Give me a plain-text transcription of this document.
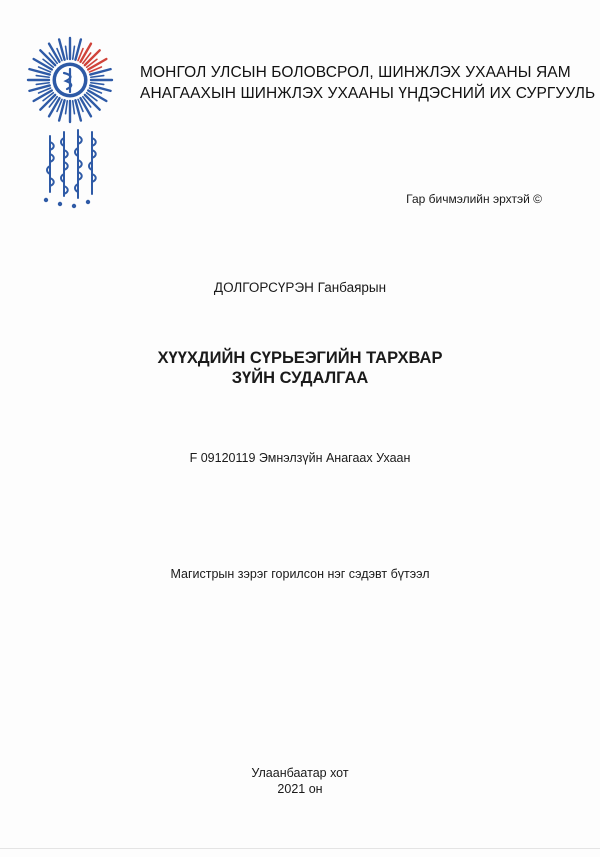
МОНГОЛ УЛСЫН БОЛОВСРОЛ, ШИНЖЛЭХ УХААНЫ ЯАМ
АНАГААХЫН ШИНЖЛЭХ УХААНЫ ҮНДЭСНИЙ ИХ СУРГУУЛЬ
Гар бичмэлийн эрхтэй ©
ДОЛГОРСҮРЭН Ганбаярын
ХҮҮХДИЙН СҮРЬЕЭГИЙН ТАРХВАР
ЗҮЙН СУДАЛГАА
F 09120119 Эмнэлзүйн Анагаах Ухаан
Магистрын зэрэг горилсон нэг сэдэвт бүтээл
Улаанбаатар хот
2021 он
